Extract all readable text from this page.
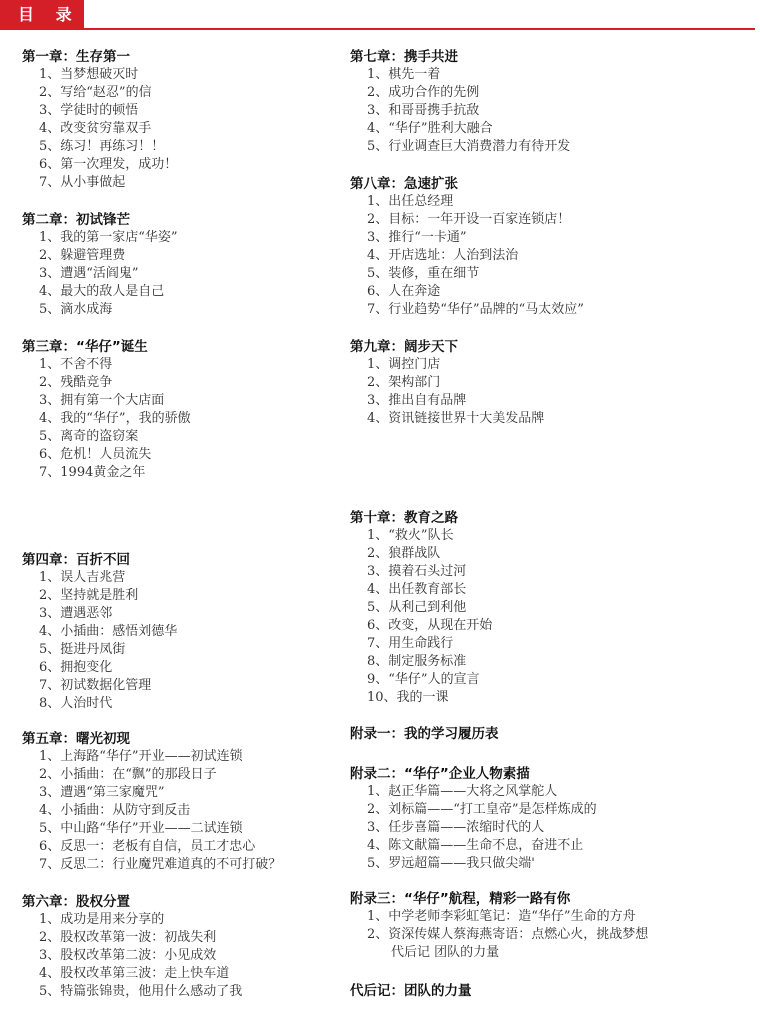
目 录
第一章：生存第一
1、当梦想破灭时
2、写给“赵忍”的信
3、学徒时的顿悟
4、改变贫穷靠双手
5、练习！再练习！！
6、第一次理发，成功！
7、从小事做起
第二章：初试锋芒
1、我的第一家店“华姿”
2、躲避管理费
3、遭遇“活阎鬼”
4、最大的敌人是自己
5、滴水成海
第三章：“华仔”诞生
1、不舍不得
2、残酷竞争
3、拥有第一个大店面
4、我的“华仔”，我的骄傲
5、离奇的盗窃案
6、危机！人员流失
7、1994黄金之年
第四章：百折不回
1、误人吉兆营
2、坚持就是胜利
3、遭遇恶邻
4、小插曲：感悟刘德华
5、挺进丹凤街
6、拥抱变化
7、初试数据化管理
8、人治时代
第五章：曙光初现
1、上海路“华仔”开业——初试连锁
2、小插曲：在“飘”的那段日子
3、遭遇“第三家魔咒”
4、小插曲：从防守到反击
5、中山路“华仔”开业——二试连锁
6、反思一：老板有自信，员工才忠心
7、反思二：行业魔咒难道真的不可打破？
第六章：股权分置
1、成功是用来分享的
2、股权改革第一波：初战失利
3、股权改革第二波：小见成效
4、股权改革第三波：走上快车道
5、特篇张锦贵，他用什么感动了我
第七章：携手共进
1、棋先一着
2、成功合作的先例
3、和哥哥携手抗敌
4、“华仔”胜利大融合
5、行业调查巨大消费潜力有待开发
第八章：急速扩张
1、出任总经理
2、目标：一年开设一百家连锁店！
3、推行“一卡通”
4、开店选址：人治到法治
5、装修，重在细节
6、人在奔途
7、行业趋势“华仔”品牌的“马太效应”
第九章：阔步天下
1、调控门店
2、架构部门
3、推出自有品牌
4、资讯链接世界十大美发品牌
第十章：教育之路
1、“救火”队长
2、狼群战队
3、摸着石头过河
4、出任教育部长
5、从利己到利他
6、改变，从现在开始
7、用生命践行
8、制定服务标准
9、“华仔”人的宣言
10、我的一课
附录一：我的学习履历表
附录二：“华仔”企业人物素描
1、赵正华篇——大将之风掌舵人
2、刘标篇——“打工皇帝”是怎样炼成的
3、任步喜篇——浓缩时代的人
4、陈文献篇——生命不息，奋进不止
5、罗远超篇——我只做尖端'
附录三：“华仔”航程，精彩一路有你
1、中学老师李彩虹笔记：造“华仔”生命的方舟
2、资深传媒人蔡海燕寄语：点燃心火，挑战梦想
代后记 团队的力量
代后记：团队的力量
